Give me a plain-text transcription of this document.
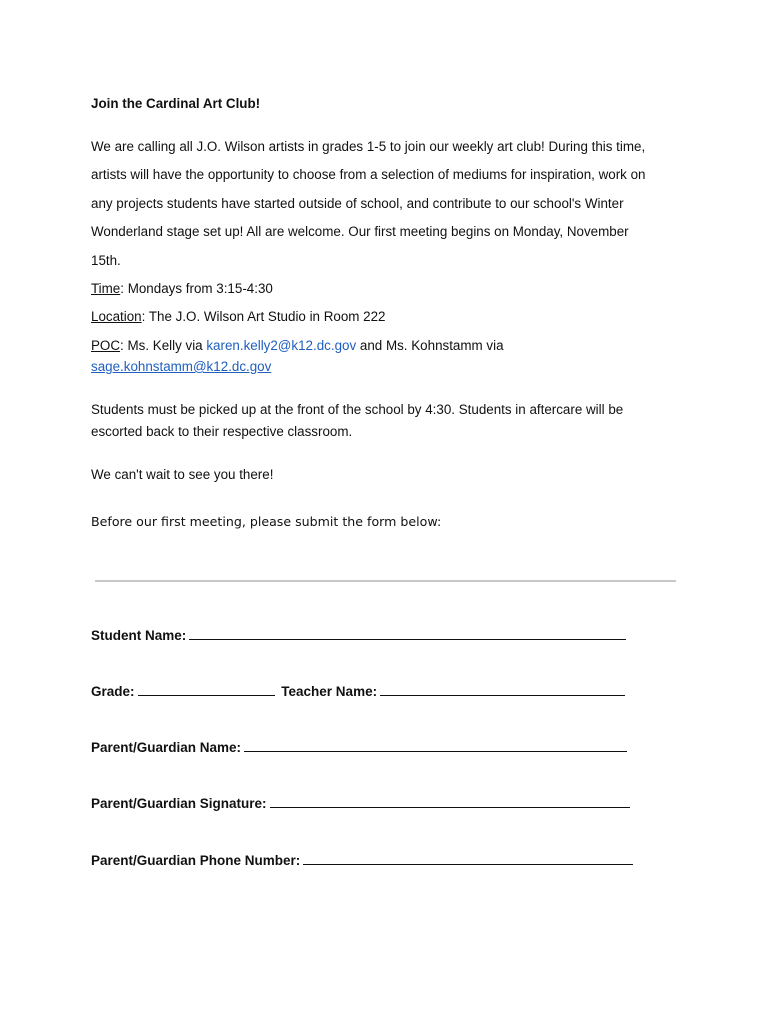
Join the Cardinal Art Club!
We are calling all J.O. Wilson artists in grades 1-5 to join our weekly art club! During this time,
artists will have the opportunity to choose from a selection of mediums for inspiration, work on
any projects students have started outside of school, and contribute to our school's Winter
Wonderland stage set up! All are welcome. Our first meeting begins on Monday, November
15th.
Time: Mondays from 3:15-4:30
Location: The J.O. Wilson Art Studio in Room 222
POC: Ms. Kelly via karen.kelly2@k12.dc.gov and Ms. Kohnstamm via
sage.kohnstamm@k12.dc.gov
Students must be picked up at the front of the school by 4:30. Students in aftercare will be
escorted back to their respective classroom.
We can't wait to see you there!
Before our first meeting, please submit the form below:
Student Name:
Grade:	Teacher Name:
Parent/Guardian Name:
Parent/Guardian Signature:
Parent/Guardian Phone Number:
